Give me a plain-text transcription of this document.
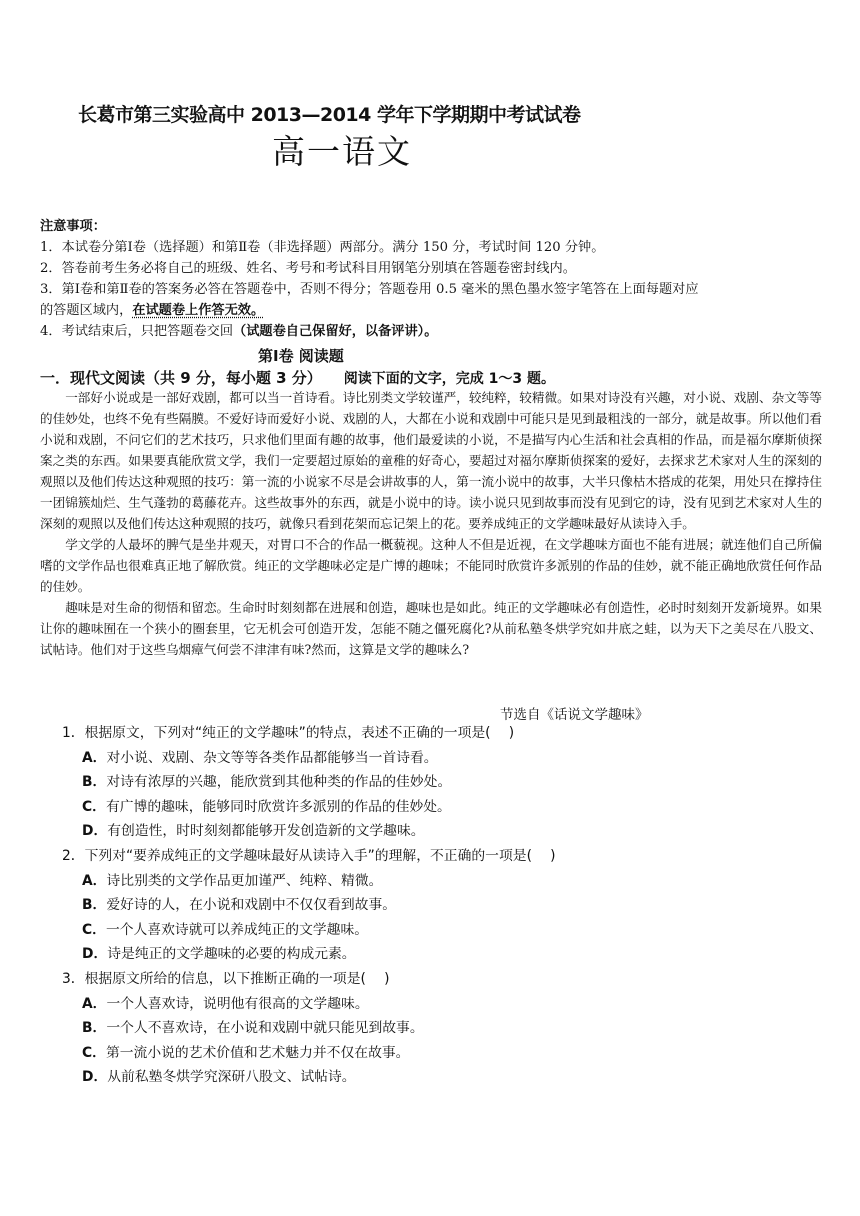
长葛市第三实验高中 2013—2014 学年下学期期中考试试卷
高一语文
注意事项：
1．本试卷分第Ⅰ卷（选择题）和第Ⅱ卷（非选择题）两部分。满分 150 分，考试时间 120 分钟。
2．答卷前考生务必将自己的班级、姓名、考号和考试科目用钢笔分别填在答题卷密封线内。
3．第Ⅰ卷和第Ⅱ卷的答案务必答在答题卷中，否则不得分；答题卷用 0.5 毫米的黑色墨水签字笔答在上面每题对应
的答题区域内，在试题卷上作答无效。
4．考试结束后，只把答题卷交回（试题卷自己保留好，以备评讲）。
第Ⅰ卷 阅读题
一．现代文阅读（共 9 分，每小题 3 分） 阅读下面的文字，完成 1～3 题。

一部好小说或是一部好戏剧，都可以当一首诗看。诗比别类文学较谨严，较纯粹，较精微。如果对诗没有兴趣，对小说、戏剧、杂文等等的佳妙处，也终不免有些隔膜。不爱好诗而爱好小说、戏剧的人，大都在小说和戏剧中可能只是见到最粗浅的一部分，就是故事。所以他们看小说和戏剧，不问它们的艺术技巧，只求他们里面有趣的故事，他们最爱读的小说，不是描写内心生活和社会真相的作品，而是福尔摩斯侦探案之类的东西。如果要真能欣赏文学，我们一定要超过原始的童稚的好奇心，要超过对福尔摩斯侦探案的爱好，去探求艺术家对人生的深刻的观照以及他们传达这种观照的技巧：第一流的小说家不尽是会讲故事的人，第一流小说中的故事，大半只像枯木搭成的花架，用处只在撑持住一团锦簇灿烂、生气蓬勃的葛藤花卉。这些故事外的东西，就是小说中的诗。读小说只见到故事而没有见到它的诗，没有见到艺术家对人生的深刻的观照以及他们传达这种观照的技巧，就像只看到花架而忘记架上的花。要养成纯正的文学趣味最好从读诗入手。

学文学的人最坏的脾气是坐井观天，对胃口不合的作品一概藐视。这种人不但是近视，在文学趣味方面也不能有进展；就连他们自己所偏嗜的文学作品也很难真正地了解欣赏。纯正的文学趣味必定是广博的趣味；不能同时欣赏许多派别的作品的佳妙，就不能正确地欣赏任何作品的佳妙。

趣味是对生命的彻悟和留恋。生命时时刻刻都在进展和创造，趣味也是如此。纯正的文学趣味必有创造性，必时时刻刻开发新境界。如果让你的趣味囿在一个狭小的圈套里，它无机会可创造开发，怎能不随之僵死腐化?从前私塾冬烘学究如井底之蛙，以为天下之美尽在八股文、试帖诗。他们对于这些乌烟瘴气何尝不津津有味?然而，这算是文学的趣味么?

节选自《话说文学趣味》
1．根据原文，下列对“纯正的文学趣味”的特点，表述不正确的一项是(　 )
A．对小说、戏剧、杂文等等各类作品都能够当一首诗看。
B．对诗有浓厚的兴趣，能欣赏到其他种类的作品的佳妙处。
C．有广博的趣味，能够同时欣赏许多派别的作品的佳妙处。
D．有创造性，时时刻刻都能够开发创造新的文学趣味。
2．下列对“要养成纯正的文学趣味最好从读诗入手”的理解，不正确的一项是(　 )
A．诗比别类的文学作品更加谨严、纯粹、精微。
B．爱好诗的人，在小说和戏剧中不仅仅看到故事。
C．一个人喜欢诗就可以养成纯正的文学趣味。
D．诗是纯正的文学趣味的必要的构成元素。
3．根据原文所给的信息，以下推断正确的一项是(　 )
A．一个人喜欢诗，说明他有很高的文学趣味。
B．一个人不喜欢诗，在小说和戏剧中就只能见到故事。
C．第一流小说的艺术价值和艺术魅力并不仅在故事。
D．从前私塾冬烘学究深研八股文、试帖诗。
